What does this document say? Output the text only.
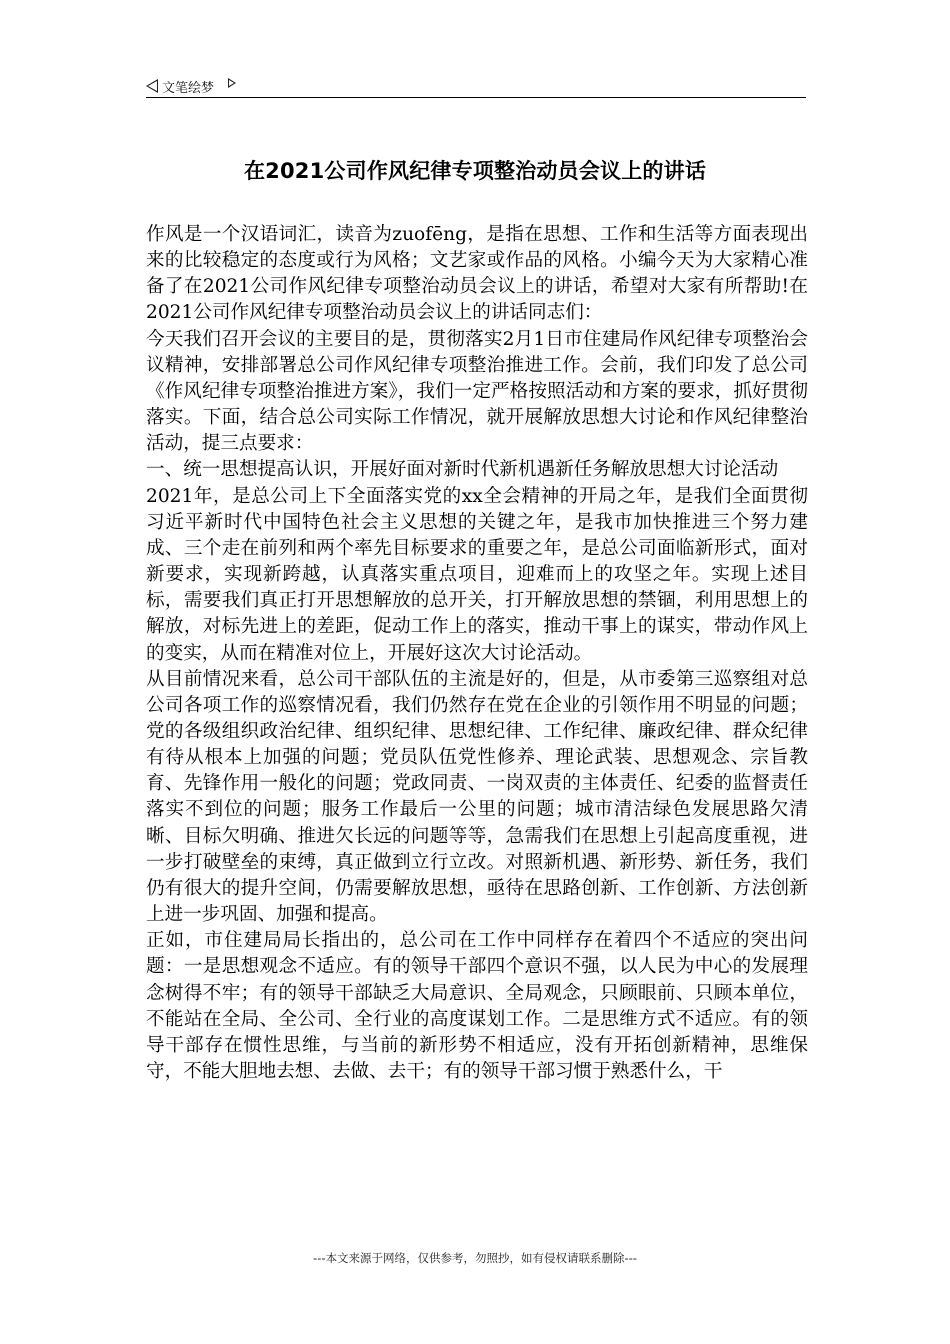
文笔绘梦
在2021公司作风纪律专项整治动员会议上的讲话

作风是一个汉语词汇，读音为zuofēng，是指在思想、工作和生活等方面表现出来的比较稳定的态度或行为风格；文艺家或作品的风格。小编今天为大家精心准备了在2021公司作风纪律专项整治动员会议上的讲话，希望对大家有所帮助!在2021公司作风纪律专项整治动员会议上的讲话同志们：

今天我们召开会议的主要目的是，贯彻落实2月1日市住建局作风纪律专项整治会议精神，安排部署总公司作风纪律专项整治推进工作。会前，我们印发了总公司《作风纪律专项整治推进方案》，我们一定严格按照活动和方案的要求，抓好贯彻落实。下面，结合总公司实际工作情况，就开展解放思想大讨论和作风纪律整治活动，提三点要求：

一、统一思想提高认识，开展好面对新时代新机遇新任务解放思想大讨论活动

2021年，是总公司上下全面落实党的xx全会精神的开局之年，是我们全面贯彻习近平新时代中国特色社会主义思想的关键之年，是我市加快推进三个努力建成、三个走在前列和两个率先目标要求的重要之年，是总公司面临新形式，面对新要求，实现新跨越，认真落实重点项目，迎难而上的攻坚之年。实现上述目标，需要我们真正打开思想解放的总开关，打开解放思想的禁锢，利用思想上的解放，对标先进上的差距，促动工作上的落实，推动干事上的谋实，带动作风上的变实，从而在精准对位上，开展好这次大讨论活动。

从目前情况来看，总公司干部队伍的主流是好的，但是，从市委第三巡察组对总公司各项工作的巡察情况看，我们仍然存在党在企业的引领作用不明显的问题；党的各级组织政治纪律、组织纪律、思想纪律、工作纪律、廉政纪律、群众纪律有待从根本上加强的问题；党员队伍党性修养、理论武装、思想观念、宗旨教育、先锋作用一般化的问题；党政同责、一岗双责的主体责任、纪委的监督责任落实不到位的问题；服务工作最后一公里的问题；城市清洁绿色发展思路欠清晰、目标欠明确、推进欠长远的问题等等，急需我们在思想上引起高度重视，进一步打破壁垒的束缚，真正做到立行立改。对照新机遇、新形势、新任务，我们仍有很大的提升空间，仍需要解放思想，亟待在思路创新、工作创新、方法创新上进一步巩固、加强和提高。

正如，市住建局局长指出的，总公司在工作中同样存在着四个不适应的突出问题：一是思想观念不适应。有的领导干部四个意识不强，以人民为中心的发展理念树得不牢；有的领导干部缺乏大局意识、全局观念，只顾眼前、只顾本单位，不能站在全局、全公司、全行业的高度谋划工作。二是思维方式不适应。有的领导干部存在惯性思维，与当前的新形势不相适应，没有开拓创新精神，思维保守，不能大胆地去想、去做、去干；有的领导干部习惯于熟悉什么，干

---本文来源于网络，仅供参考，勿照抄，如有侵权请联系删除---
